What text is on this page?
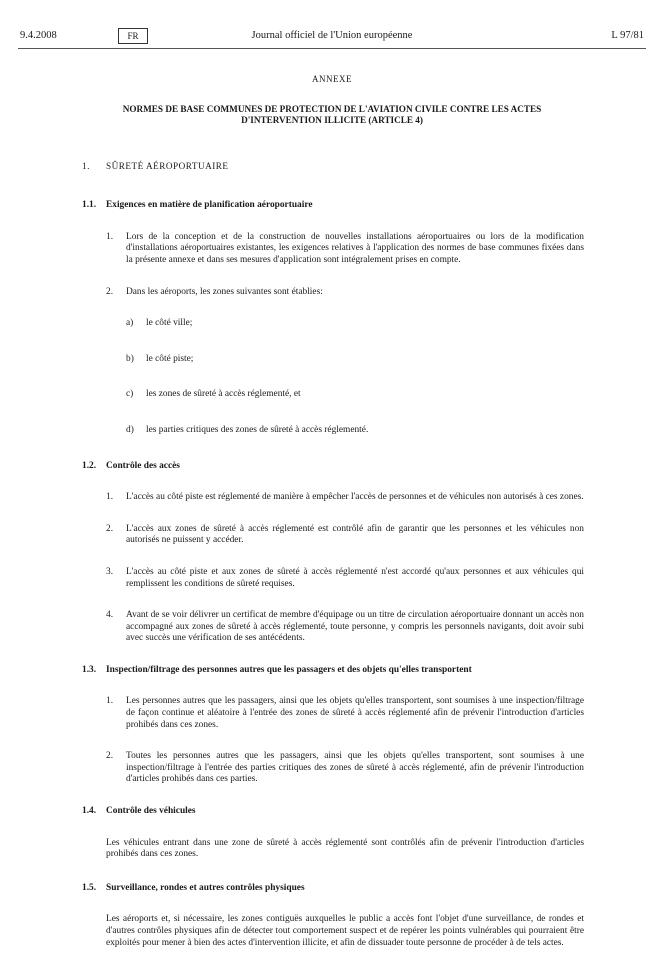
9.4.2008	FR	Journal officiel de l'Union européenne	L 97/81
ANNEXE
NORMES DE BASE COMMUNES DE PROTECTION DE L'AVIATION CIVILE CONTRE LES ACTES D'INTERVENTION ILLICITE (ARTICLE 4)
1. SÛRETÉ AÉROPORTUAIRE
1.1. Exigences en matière de planification aéroportuaire
1. Lors de la conception et de la construction de nouvelles installations aéroportuaires ou lors de la modification d'installations aéroportuaires existantes, les exigences relatives à l'application des normes de base communes fixées dans la présente annexe et dans ses mesures d'application sont intégralement prises en compte.
2. Dans les aéroports, les zones suivantes sont établies:
a) le côté ville;
b) le côté piste;
c) les zones de sûreté à accès réglementé, et
d) les parties critiques des zones de sûreté à accès réglementé.
1.2. Contrôle des accès
1. L'accès au côté piste est réglementé de manière à empêcher l'accès de personnes et de véhicules non autorisés à ces zones.
2. L'accès aux zones de sûreté à accès réglementé est contrôlé afin de garantir que les personnes et les véhicules non autorisés ne puissent y accéder.
3. L'accès au côté piste et aux zones de sûreté à accès réglementé n'est accordé qu'aux personnes et aux véhicules qui remplissent les conditions de sûreté requises.
4. Avant de se voir délivrer un certificat de membre d'équipage ou un titre de circulation aéroportuaire donnant un accès non accompagné aux zones de sûreté à accès réglementé, toute personne, y compris les personnels navigants, doit avoir subi avec succès une vérification de ses antécédents.
1.3. Inspection/filtrage des personnes autres que les passagers et des objets qu'elles transportent
1. Les personnes autres que les passagers, ainsi que les objets qu'elles transportent, sont soumises à une inspection/filtrage de façon continue et aléatoire à l'entrée des zones de sûreté à accès réglementé afin de prévenir l'introduction d'articles prohibés dans ces zones.
2. Toutes les personnes autres que les passagers, ainsi que les objets qu'elles transportent, sont soumises à une inspection/filtrage à l'entrée des parties critiques des zones de sûreté à accès réglementé, afin de prévenir l'introduction d'articles prohibés dans ces parties.
1.4. Contrôle des véhicules
Les véhicules entrant dans une zone de sûreté à accès réglementé sont contrôlés afin de prévenir l'introduction d'articles prohibés dans ces zones.
1.5. Surveillance, rondes et autres contrôles physiques
Les aéroports et, si nécessaire, les zones contiguës auxquelles le public a accès font l'objet d'une surveillance, de rondes et d'autres contrôles physiques afin de détecter tout comportement suspect et de repérer les points vulnérables qui pourraient être exploités pour mener à bien des actes d'intervention illicite, et afin de dissuader toute personne de procéder à de tels actes.
